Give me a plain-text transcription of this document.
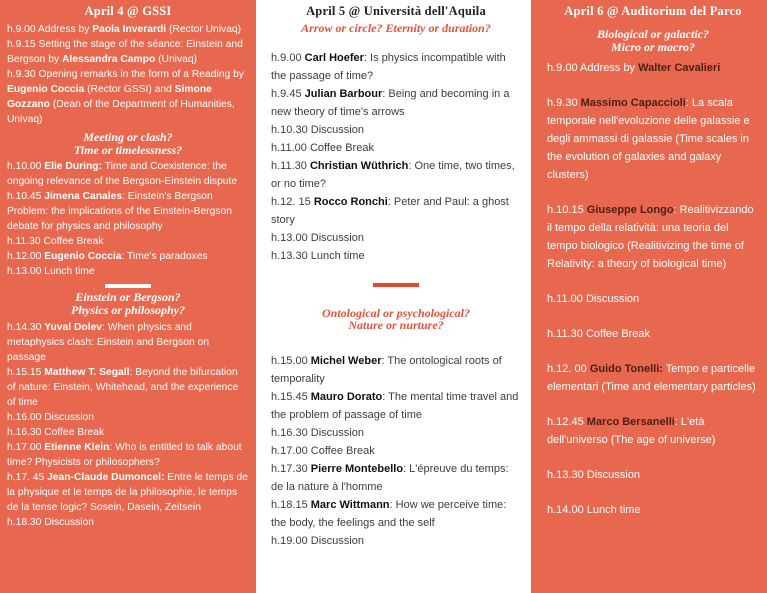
April 4 @ GSSI
h.9.00 Address by Paola Inverardi (Rector Univaq)
h.9.15 Setting the stage of the séance: Einstein and Bergson by Alessandra Campo (Univaq)
h.9.30 Opening remarks in the form of a Reading by Eugenio Coccia (Rector GSSI) and Simone Gozzano (Dean of the Department of Humanities, Univaq)
Meeting or clash?
Time or timelessness?
h.10.00 Elie During: Time and Coexistence: the ongoing relevance of the Bergson-Einstein dispute
h.10.45 Jimena Canales: Einstein's Bergson Problem: the implications of the Einstein-Bergson debate for physics and philosophy
h.11.30 Coffee Break
h.12.00 Eugenio Coccia: Time's paradoxes
h.13.00 Lunch time
Einstein or Bergson?
Physics or philosophy?
h.14.30 Yuval Dolev: When physics and metaphysics clash: Einstein and Bergson on passage
h.15.15 Matthew T. Segall: Beyond the bifurcation of nature: Einstein, Whitehead, and the experience of time
h.16.00 Discussion
h.16.30 Coffee Break
h.17.00 Etienne Klein: Who is entitled to talk about time? Physicists or philosophers?
h.17. 45 Jean-Claude Dumoncel: Entre le temps de la physique et le temps de la philosophie, le temps de la tense logic? Sosein, Dasein, Zeitsein
h.18.30 Discussion
April 5 @ Università dell'Aquila
Arrow or circle? Eternity or duration?
h.9.00 Carl Hoefer: Is physics incompatible with the passage of time?
h.9.45 Julian Barbour: Being and becoming in a new theory of time's arrows
h.10.30 Discussion
h.11.00 Coffee Break
h.11.30 Christian Wüthrich: One time, two times, or no time?
h.12. 15 Rocco Ronchi: Peter and Paul: a ghost story
h.13.00 Discussion
h.13.30 Lunch time
Ontological or psychological?
Nature or nurture?
h.15.00 Michel Weber: The ontological roots of temporality
h.15.45 Mauro Dorato: The mental time travel and the problem of passage of time
h.16.30 Discussion
h.17.00 Coffee Break
h.17.30 Pierre Montebello: L'épreuve du temps: de la nature à l'homme
h.18.15 Marc Wittmann: How we perceive time: the body, the feelings and the self
h.19.00 Discussion
April 6 @ Auditorium del Parco
Biological or galactic?
Micro or macro?
h.9.00 Address by Walter Cavalieri
h.9.30 Massimo Capaccioli: La scala temporale nell'evoluzione delle galassie e degli ammassi di galassie (Time scales in the evolution of galaxies and galaxy clusters)
h.10.15 Giuseppe Longo: Realitivizzando il tempo della relatività: una teoria del tempo biologico (Realitivizing the time of Relativity: a theory of biological time)
h.11.00 Discussion
h.11.30 Coffee Break
h.12. 00 Guido Tonelli: Tempo e particelle elementari (Time and elementary particles)
h.12.45 Marco Bersanelli: L'età dell'universo (The age of universe)
h.13.30 Discussion
h.14.00 Lunch time
